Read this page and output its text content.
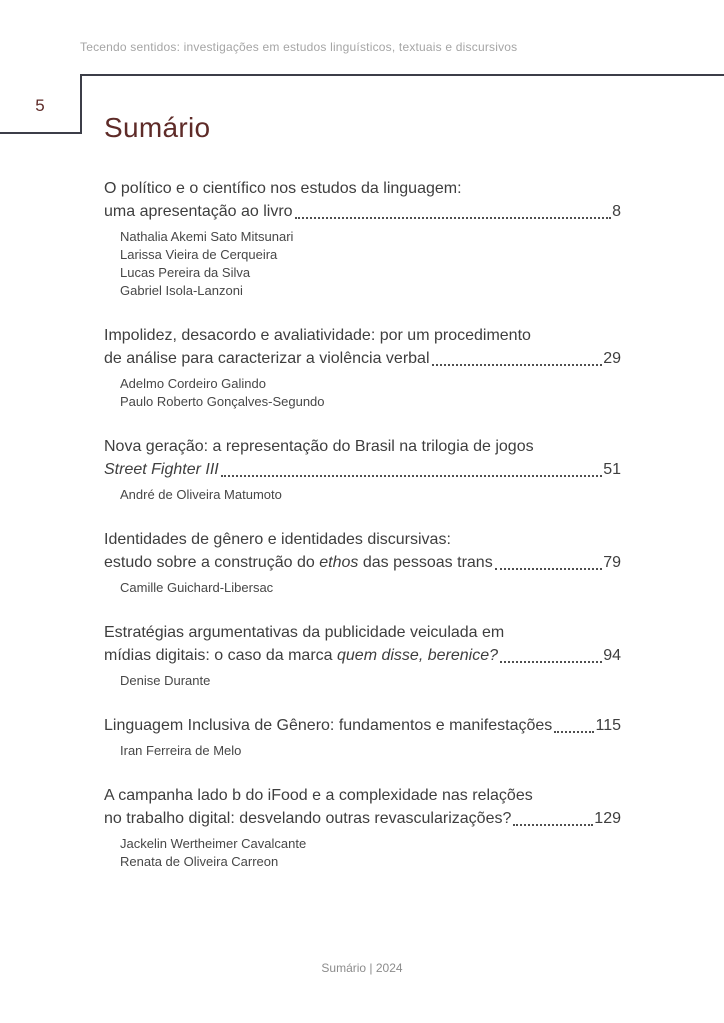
Tecendo sentidos: investigações em estudos linguísticos, textuais e discursivos
5
Sumário
O político e o científico nos estudos da linguagem:
uma apresentação ao livro	8
Nathalia Akemi Sato Mitsunari
Larissa Vieira de Cerqueira
Lucas Pereira da Silva
Gabriel Isola-Lanzoni
Impolidez, desacordo e avaliatividade: por um procedimento
de análise para caracterizar a violência verbal	29
Adelmo Cordeiro Galindo
Paulo Roberto Gonçalves-Segundo
Nova geração: a representação do Brasil na trilogia de jogos
Street Fighter III	51
André de Oliveira Matumoto
Identidades de gênero e identidades discursivas:
estudo sobre a construção do ethos das pessoas trans	79
Camille Guichard-Libersac
Estratégias argumentativas da publicidade veiculada em
mídias digitais: o caso da marca quem disse, berenice?	94
Denise Durante
Linguagem Inclusiva de Gênero: fundamentos e manifestações	115
Iran Ferreira de Melo
A campanha lado b do iFood e a complexidade nas relações
no trabalho digital: desvelando outras revascularizações?	129
Jackelin Wertheimer Cavalcante
Renata de Oliveira Carreon
Sumário | 2024
